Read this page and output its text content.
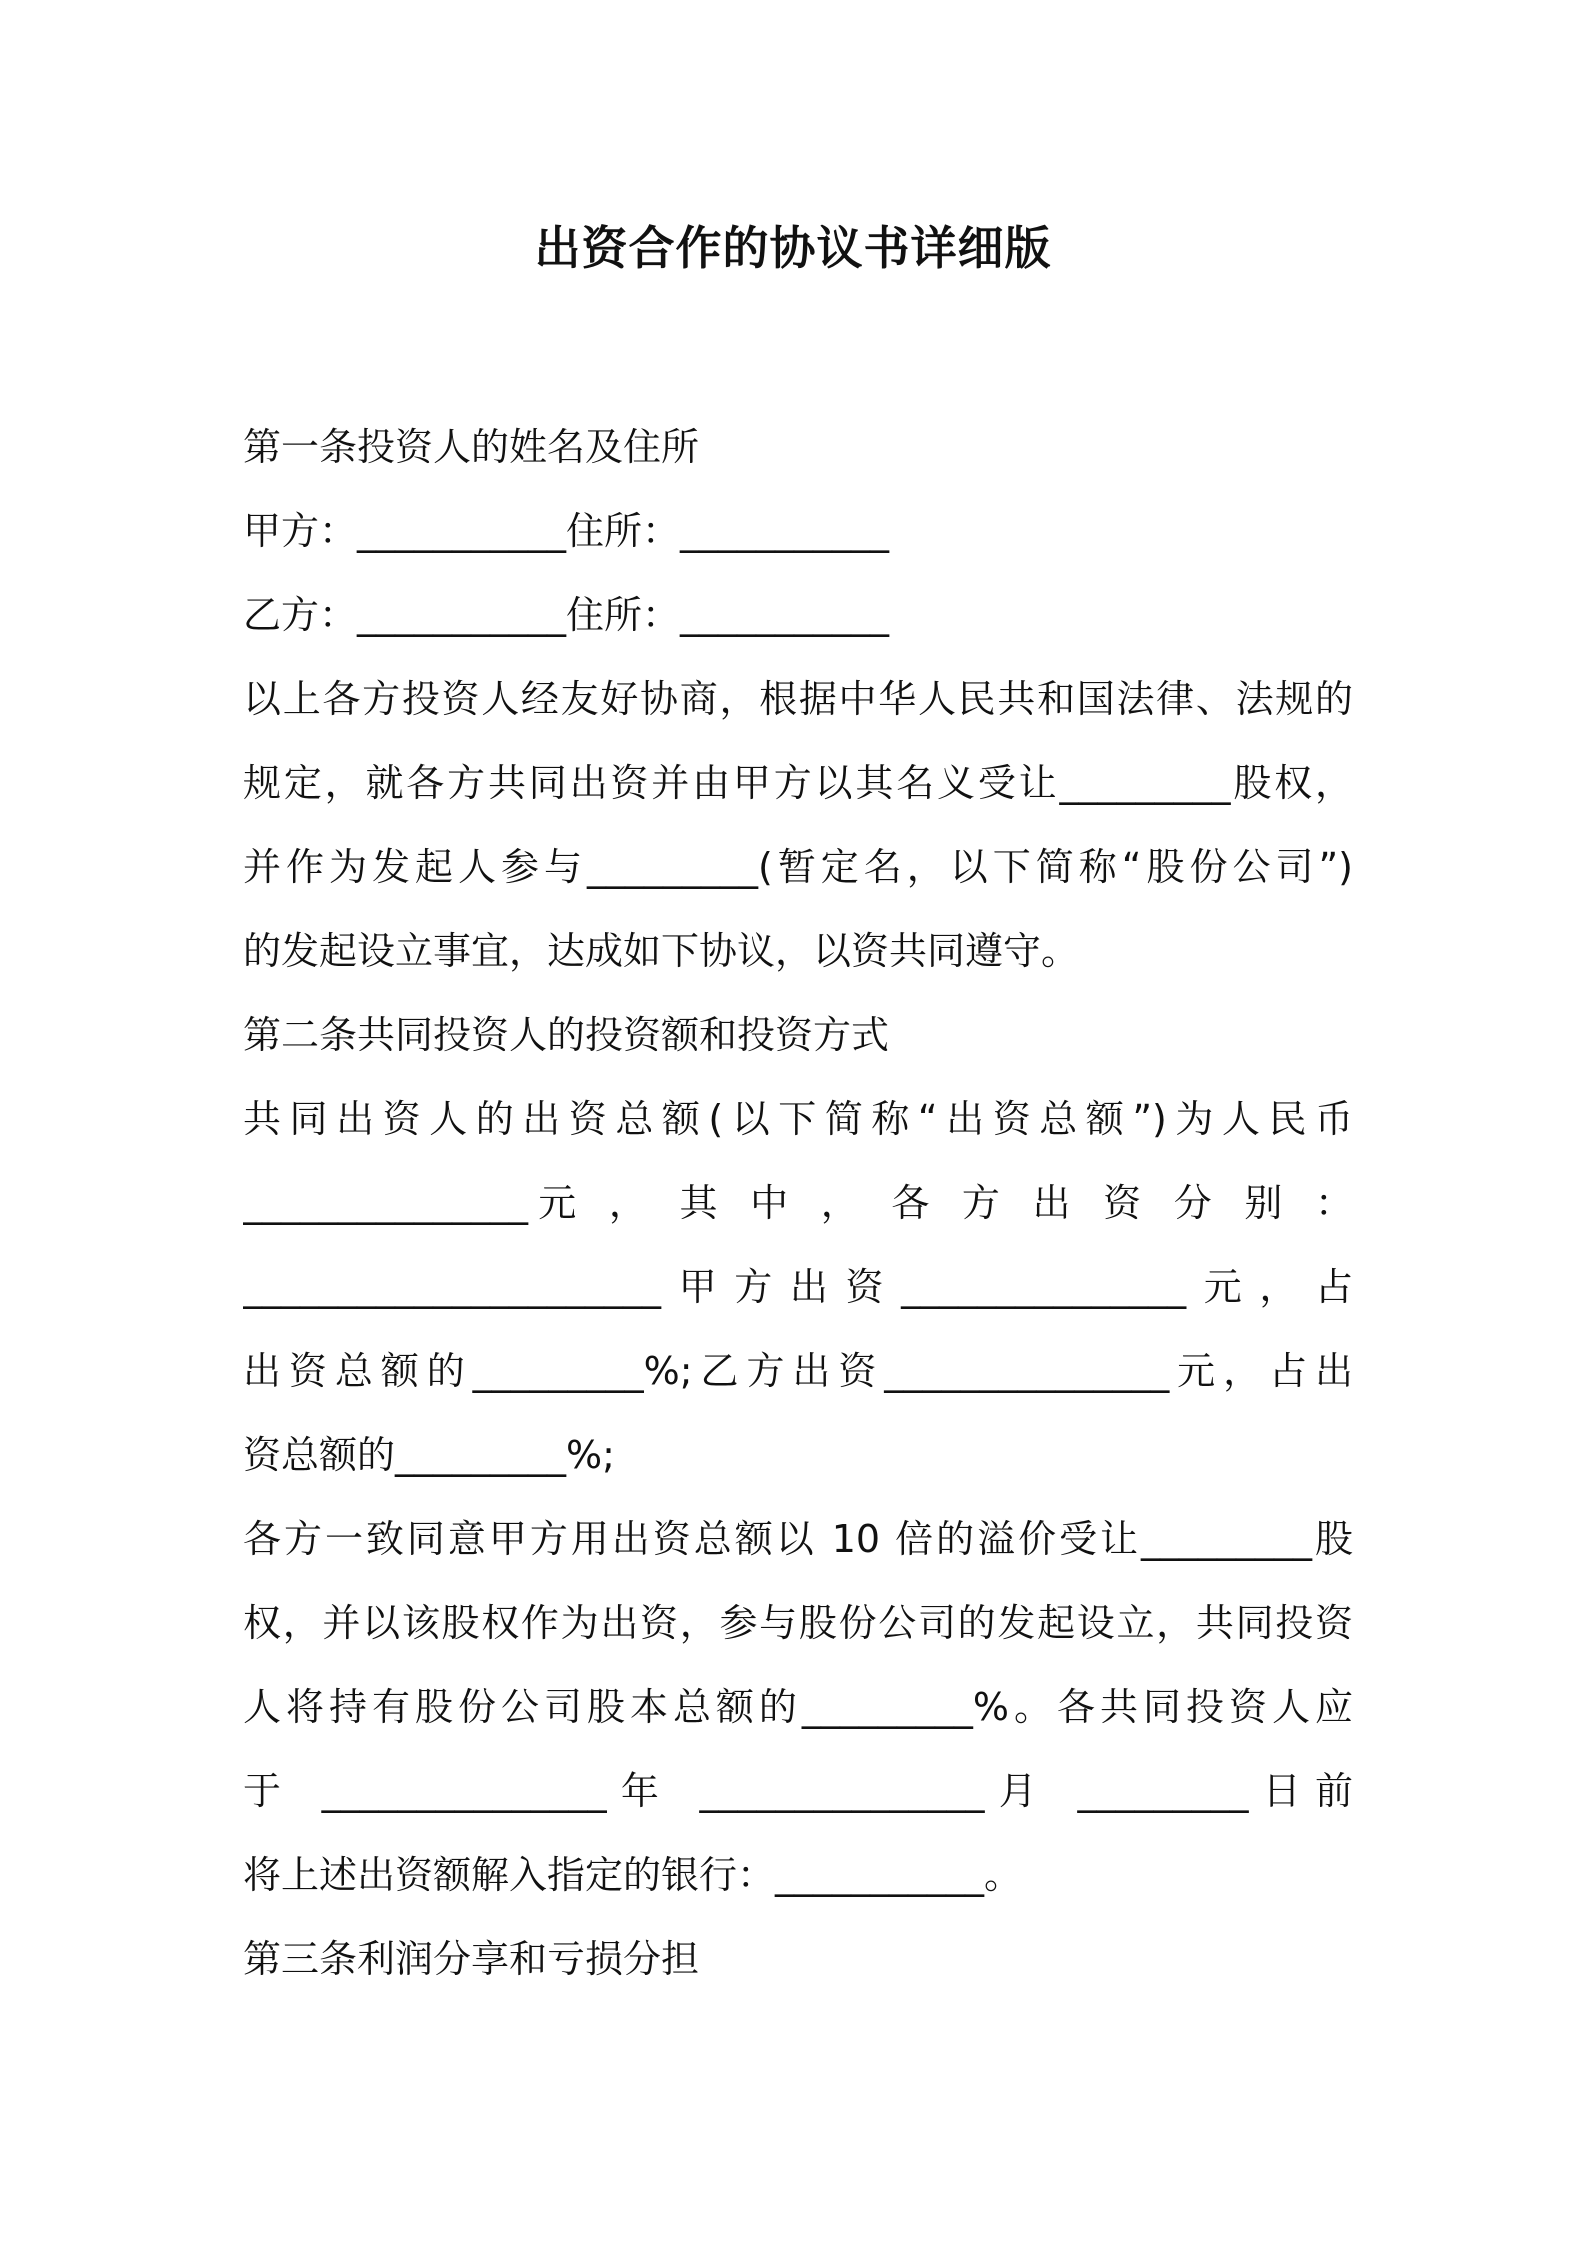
出资合作的协议书详细版
第一条投资人的姓名及住所
甲方：___________住所：___________
乙方：___________住所：___________
以上各方投资人经友好协商，根据中华人民共和国法律、法规的
规定，就各方共同出资并由甲方以其名义受让_________股权，
并作为发起人参与_________(暂定名，以下简称“股份公司”)
的发起设立事宜，达成如下协议，以资共同遵守。
第二条共同投资人的投资额和投资方式
共同出资人的出资总额(以下简称“出资总额”)为人民币
_______________元 ， 其 中 ， 各 方 出 资 分 别 ：
______________________甲方出资_______________元，占
出资总额的_________%;乙方出资_______________元，占出
资总额的_________%;
各方一致同意甲方用出资总额以 10 倍的溢价受让_________股
权，并以该股权作为出资，参与股份公司的发起设立，共同投资
人将持有股份公司股本总额的_________%。各共同投资人应
于 _______________年 _______________月 _________日前
将上述出资额解入指定的银行：___________。
第三条利润分享和亏损分担
